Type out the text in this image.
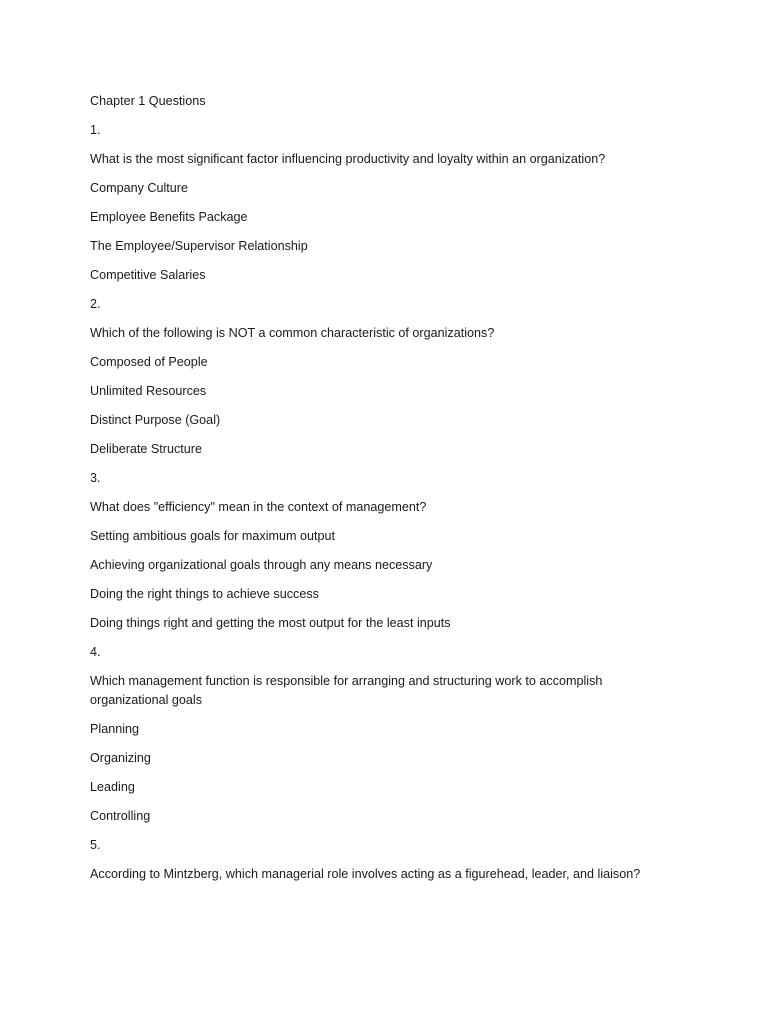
Chapter 1 Questions
1.
What is the most significant factor influencing productivity and loyalty within an organization?
Company Culture
Employee Benefits Package
The Employee/Supervisor Relationship
Competitive Salaries
2.
Which of the following is NOT a common characteristic of organizations?
Composed of People
Unlimited Resources
Distinct Purpose (Goal)
Deliberate Structure
3.
What does "efficiency" mean in the context of management?
Setting ambitious goals for maximum output
Achieving organizational goals through any means necessary
Doing the right things to achieve success
Doing things right and getting the most output for the least inputs
4.
Which management function is responsible for arranging and structuring work to accomplish organizational goals
Planning
Organizing
Leading
Controlling
5.
According to Mintzberg, which managerial role involves acting as a figurehead, leader, and liaison?
